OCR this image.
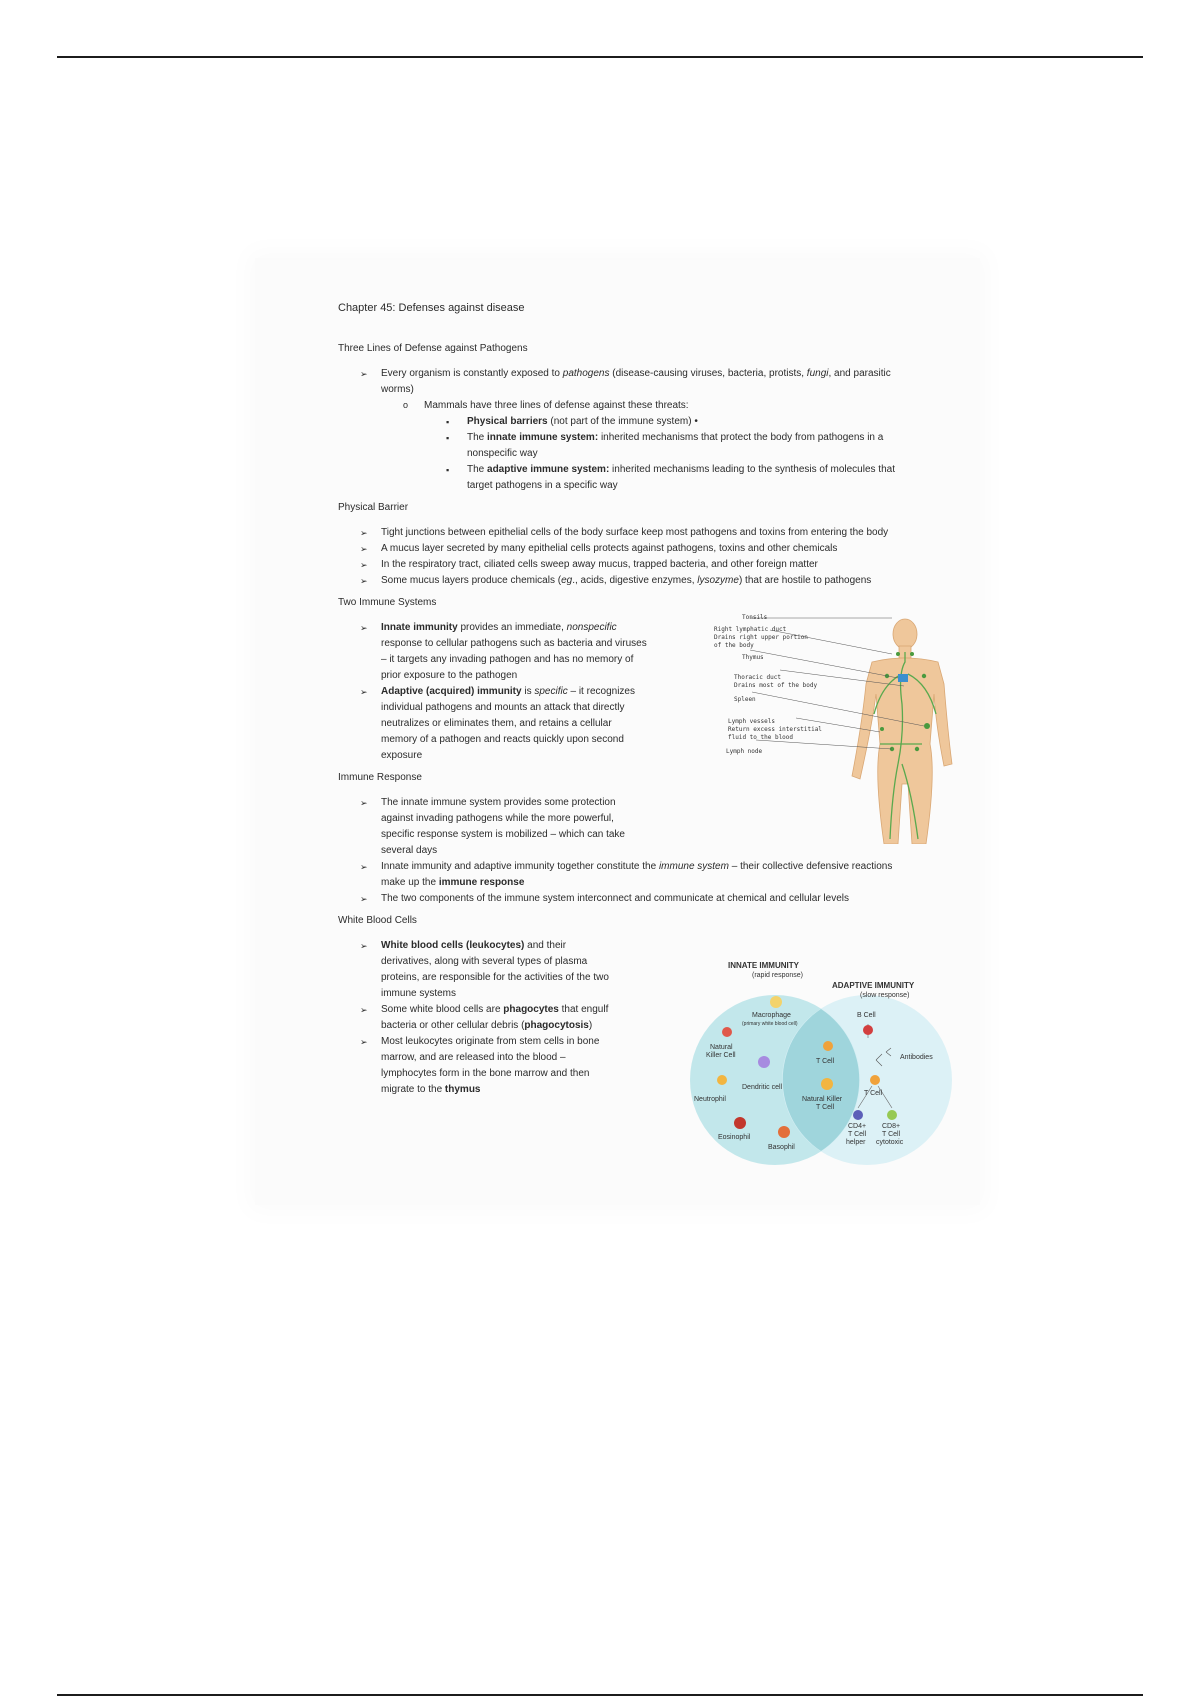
Chapter 45: Defenses against disease

Three Lines of Defense against Pathogens

➢ Every organism is constantly exposed to pathogens (disease-causing viruses, bacteria, protists, fungi, and parasitic worms)
o Mammals have three lines of defense against these threats:
▪ Physical barriers (not part of the immune system) •
▪ The innate immune system: inherited mechanisms that protect the body from pathogens in a nonspecific way
▪ The adaptive immune system: inherited mechanisms leading to the synthesis of molecules that target pathogens in a specific way

Physical Barrier

➢ Tight junctions between epithelial cells of the body surface keep most pathogens and toxins from entering the body
➢ A mucus layer secreted by many epithelial cells protects against pathogens, toxins and other chemicals
➢ In the respiratory tract, ciliated cells sweep away mucus, trapped bacteria, and other foreign matter
➢ Some mucus layers produce chemicals (eg., acids, digestive enzymes, lysozyme) that are hostile to pathogens

Two Immune Systems

➢ Innate immunity provides an immediate, nonspecific response to cellular pathogens such as bacteria and viruses – it targets any invading pathogen and has no memory of prior exposure to the pathogen
➢ Adaptive (acquired) immunity is specific – it recognizes individual pathogens and mounts an attack that directly neutralizes or eliminates them, and retains a cellular memory of a pathogen and reacts quickly upon second exposure

Immune Response

➢ The innate immune system provides some protection against invading pathogens while the more powerful, specific response system is mobilized – which can take several days
➢ Innate immunity and adaptive immunity together constitute the immune system – their collective defensive reactions make up the immune response
➢ The two components of the immune system interconnect and communicate at chemical and cellular levels

White Blood Cells

➢ White blood cells (leukocytes) and their derivatives, along with several types of plasma proteins, are responsible for the activities of the two immune systems
➢ Some white blood cells are phagocytes that engulf bacteria or other cellular debris (phagocytosis)
➢ Most leukocytes originate from stem cells in bone marrow, and are released into the blood – lymphocytes form in the bone marrow and then migrate to the thymus
Tonsils
Right lymphatic duct
Drains right upper portion
of the body
Thymus
Thoracic duct
Drains most of the body
Spleen
Lymph vessels
Return excess interstitial
fluid to the blood
Lymph node
INNATE IMMUNITY
(rapid response)
ADAPTIVE IMMUNITY
(slow response)
Macrophage
(primary white blood cell)
Natural
Killer Cell
Dendritic cell
Neutrophil
Eosinophil
Basophil
T Cell
Natural Killer
T Cell
B Cell
Antibodies
T Cell
CD4+
T Cell
helper
CD8+
T Cell
cytotoxic
